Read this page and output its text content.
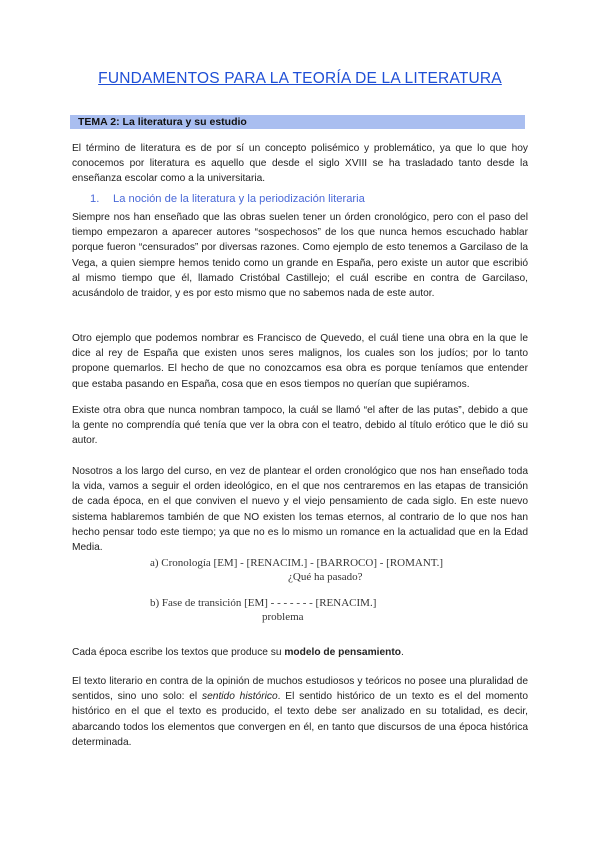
FUNDAMENTOS PARA LA TEORÍA DE LA LITERATURA
TEMA 2: La literatura y su estudio

El término de literatura es de por sí un concepto polisémico y problemático, ya que lo que hoy conocemos por literatura es aquello que desde el siglo XVIII se ha trasladado tanto desde la enseñanza escolar como a la universitaria.

1. La noción de la literatura y la periodización literaria

Siempre nos han enseñado que las obras suelen tener un órden cronológico, pero con el paso del tiempo empezaron a aparecer autores “sospechosos” de los que nunca hemos escuchado hablar porque fueron “censurados” por diversas razones. Como ejemplo de esto tenemos a Garcilaso de la Vega, a quien siempre hemos tenido como un grande en España, pero existe un autor que escribió al mismo tiempo que él, llamado Cristóbal Castillejo; el cuál escribe en contra de Garcilaso, acusándolo de traidor, y es por esto mismo que no sabemos nada de este autor.

Otro ejemplo que podemos nombrar es Francisco de Quevedo, el cuál tiene una obra en la que le dice al rey de España que existen unos seres malignos, los cuales son los judíos; por lo tanto propone quemarlos. El hecho de que no conozcamos esa obra es porque teníamos que entender que estaba pasando en España, cosa que en esos tiempos no querían que supiéramos.

Existe otra obra que nunca nombran tampoco, la cuál se llamó “el after de las putas”, debido a que la gente no comprendía qué tenía que ver la obra con el teatro, debido al título erótico que le dió su autor.

Nosotros a los largo del curso, en vez de plantear el orden cronológico que nos han enseñado toda la vida, vamos a seguir el orden ideológico, en el que nos centraremos en las etapas de transición de cada época, en el que conviven el nuevo y el viejo pensamiento de cada siglo. En este nuevo sistema hablaremos también de que NO existen los temas eternos, al contrario de lo que nos han hecho pensar todo este tiempo; ya que no es lo mismo un romance en la actualidad que en la Edad Media.

a) Cronología [EM] - [RENACIM.] - [BARROCO] - [ROMANT.]
¿Qué ha pasado?
b) Fase de transición [EM] - - - - - - - [RENACIM.]
problema

Cada época escribe los textos que produce su modelo de pensamiento.

El texto literario en contra de la opinión de muchos estudiosos y teóricos no posee una pluralidad de sentidos, sino uno solo: el sentido histórico. El sentido histórico de un texto es el del momento histórico en el que el texto es producido, el texto debe ser analizado en su totalidad, es decir, abarcando todos los elementos que convergen en él, en tanto que discursos de una época histórica determinada.
